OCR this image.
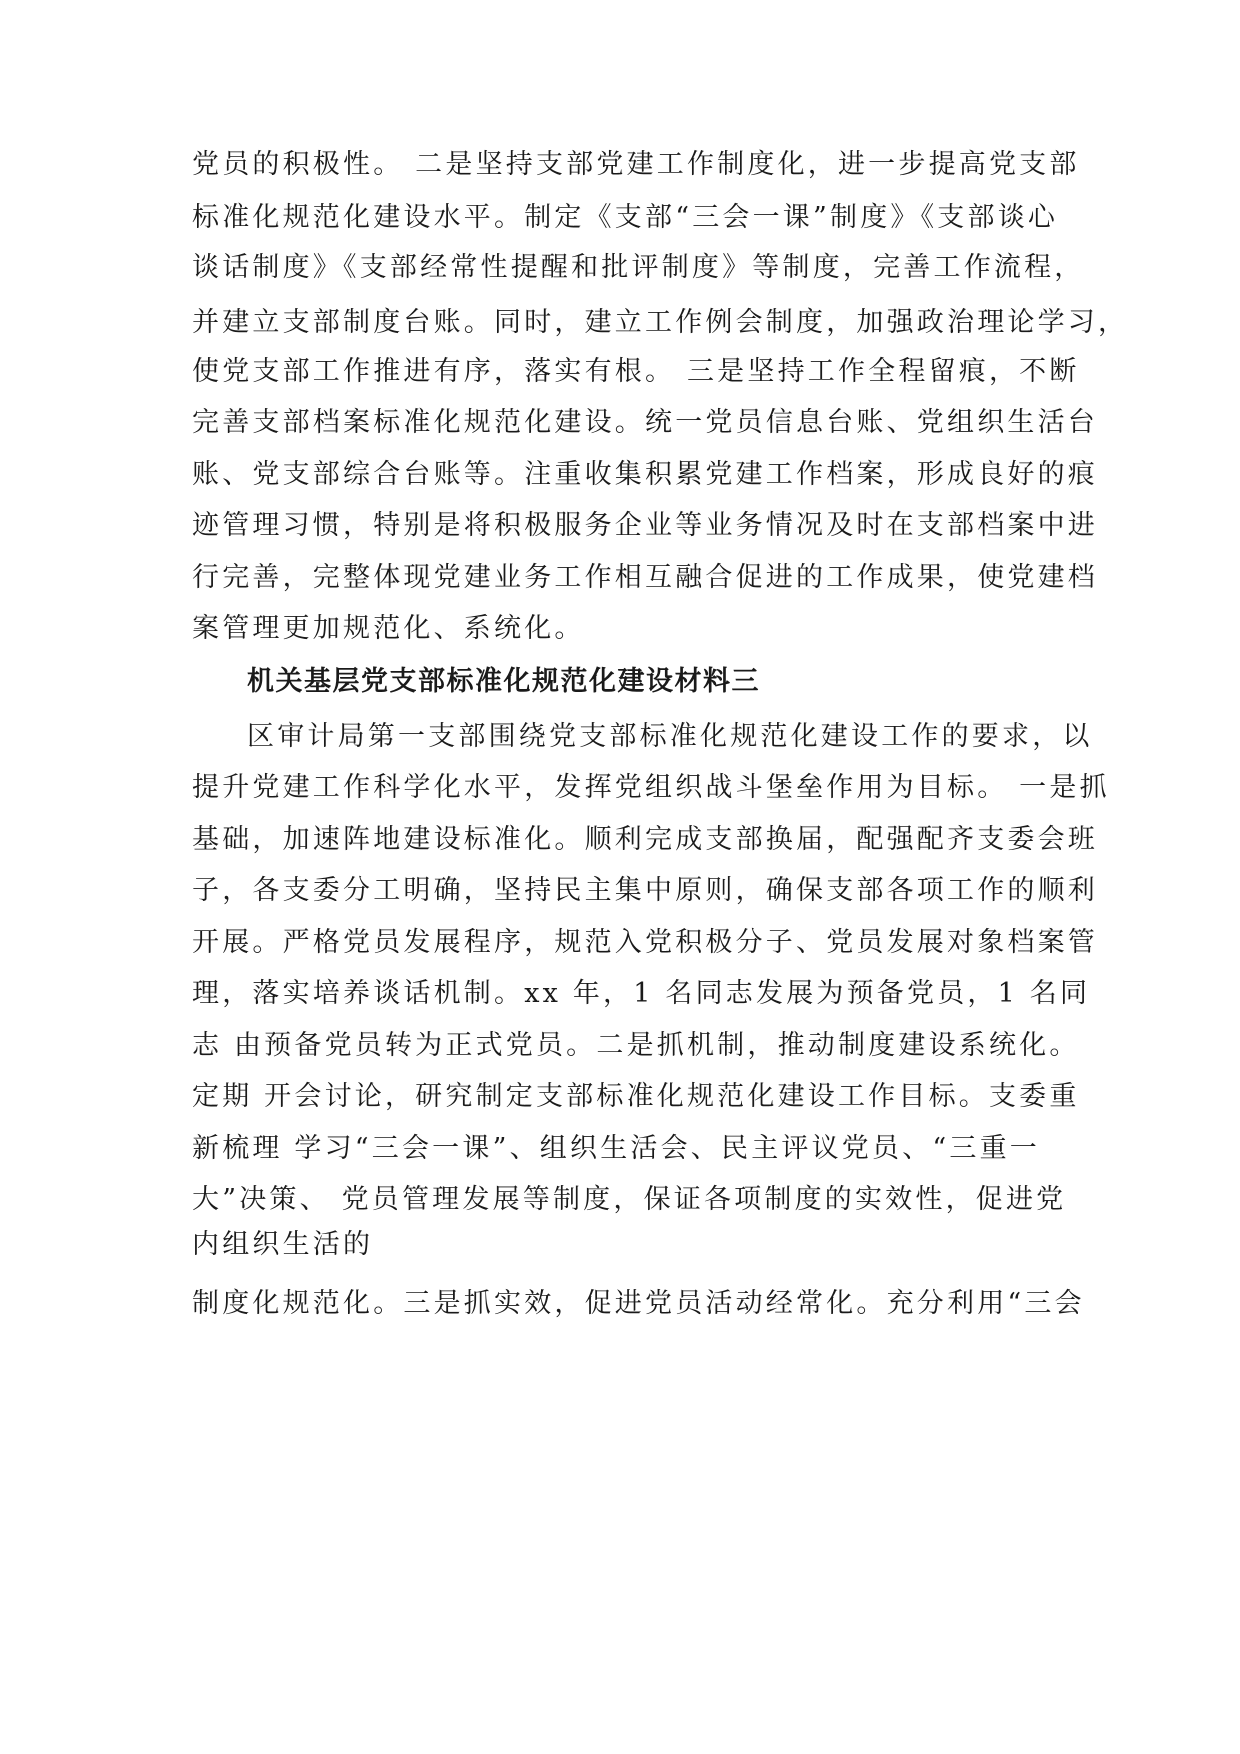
党员的积极性。 二是坚持支部党建工作制度化，进一步提高党支部
标准化规范化建设水平。制定《支部“三会一课”制度》《支部谈心
谈话制度》《支部经常性提醒和批评制度》等制度，完善工作流程，
并建立支部制度台账。同时，建立工作例会制度，加强政治理论学习，
使党支部工作推进有序，落实有根。 三是坚持工作全程留痕，不断
完善支部档案标准化规范化建设。统一党员信息台账、党组织生活台
账、党支部综合台账等。注重收集积累党建工作档案，形成良好的痕
迹管理习惯，特别是将积极服务企业等业务情况及时在支部档案中进
行完善，完整体现党建业务工作相互融合促进的工作成果，使党建档
案管理更加规范化、系统化。
机关基层党支部标准化规范化建设材料三
区审计局第一支部围绕党支部标准化规范化建设工作的要求，以
提升党建工作科学化水平，发挥党组织战斗堡垒作用为目标。 一是抓
基础，加速阵地建设标准化。顺利完成支部换届，配强配齐支委会班
子，各支委分工明确，坚持民主集中原则，确保支部各项工作的顺利
开展。严格党员发展程序，规范入党积极分子、党员发展对象档案管
理，落实培养谈话机制。xx 年，1 名同志发展为预备党员，1 名同
志 由预备党员转为正式党员。二是抓机制，推动制度建设系统化。
定期 开会讨论，研究制定支部标准化规范化建设工作目标。支委重
新梳理 学习“三会一课”、组织生活会、民主评议党员、“三重一
大”决策、 党员管理发展等制度，保证各项制度的实效性，促进党
内组织生活的
制度化规范化。三是抓实效，促进党员活动经常化。充分利用“三会
